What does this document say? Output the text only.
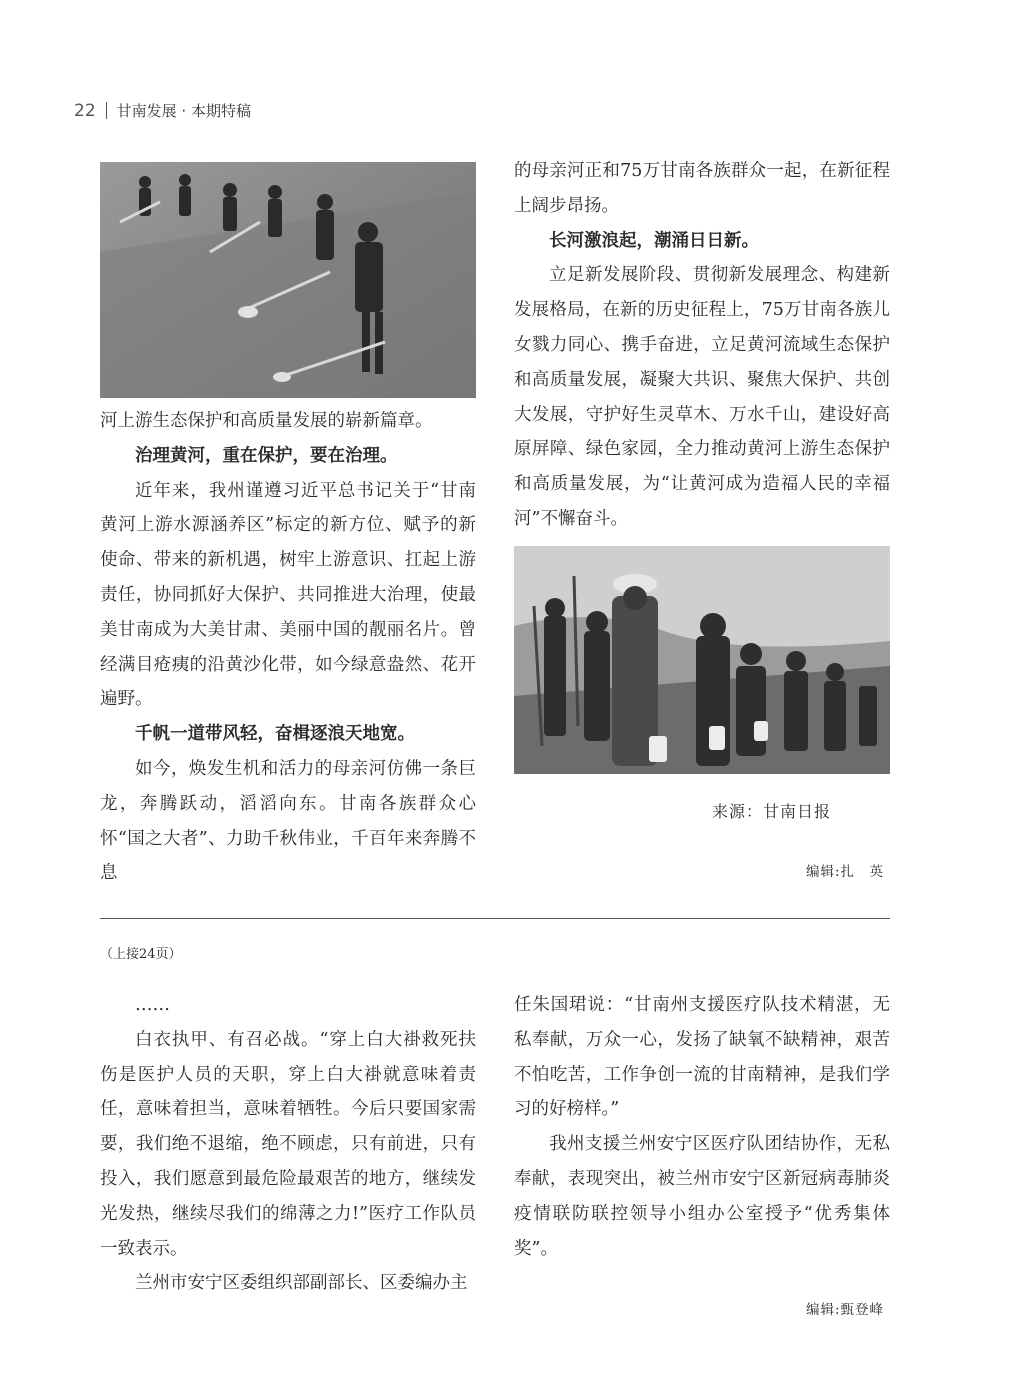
22 甘南发展 · 本期特稿

河上游生态保护和高质量发展的崭新篇章。

治理黄河，重在保护，要在治理。

近年来，我州谨遵习近平总书记关于“甘南黄河上游水源涵养区”标定的新方位、赋予的新使命、带来的新机遇，树牢上游意识、扛起上游责任，协同抓好大保护、共同推进大治理，使最美甘南成为大美甘肃、美丽中国的靓丽名片。曾经满目疮痍的沿黄沙化带，如今绿意盎然、花开遍野。

千帆一道带风轻，奋楫逐浪天地宽。

如今，焕发生机和活力的母亲河仿佛一条巨龙，奔腾跃动，滔滔向东。甘南各族群众心怀“国之大者”、力助千秋伟业，千百年来奔腾不息

的母亲河正和75万甘南各族群众一起，在新征程上阔步昂扬。

长河激浪起，潮涌日日新。

立足新发展阶段、贯彻新发展理念、构建新发展格局，在新的历史征程上，75万甘南各族儿女戮力同心、携手奋进，立足黄河流域生态保护和高质量发展，凝聚大共识、聚焦大保护、共创大发展，守护好生灵草木、万水千山，建设好高原屏障、绿色家园，全力推动黄河上游生态保护和高质量发展，为“让黄河成为造福人民的幸福河”不懈奋斗。

来源：甘南日报
编辑:扎　英
（上接24页）

……

白衣执甲、有召必战。“穿上白大褂救死扶伤是医护人员的天职，穿上白大褂就意味着责任，意味着担当，意味着牺牲。今后只要国家需要，我们绝不退缩，绝不顾虑，只有前进，只有投入，我们愿意到最危险最艰苦的地方，继续发光发热，继续尽我们的绵薄之力!”医疗工作队员一致表示。

兰州市安宁区委组织部副部长、区委编办主

任朱国珺说：“甘南州支援医疗队技术精湛，无私奉献，万众一心，发扬了缺氧不缺精神，艰苦不怕吃苦，工作争创一流的甘南精神，是我们学习的好榜样。”

我州支援兰州安宁区医疗队团结协作，无私奉献，表现突出，被兰州市安宁区新冠病毒肺炎疫情联防联控领导小组办公室授予“优秀集体奖”。

编辑:甄登峰
